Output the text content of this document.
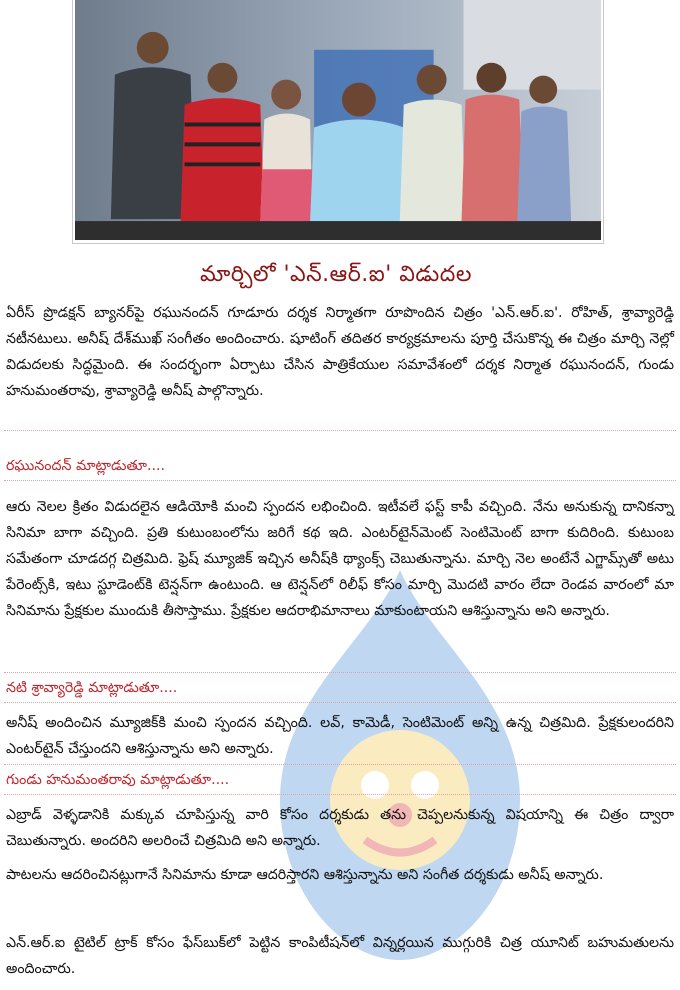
మార్చిలో 'ఎన్.ఆర్.ఐ' విడుదల
ఏరీస్ ప్రొడక్షన్ బ్యానర్‌పై రఘునందన్ గూడూరు దర్శక నిర్మాతగా రూపొందిన చిత్రం 'ఎన్.ఆర్.ఐ'. రోహిత్, శ్రావ్యారెడ్డి నటీనటులు. అనీష్ దేశ్‌ముఖ్ సంగీతం అందించారు. షూటింగ్ తదితర కార్యక్రమాలను పూర్తి చేసుకొన్న ఈ చిత్రం మార్చి నెల్లో విడుదలకు సిద్ధమైంది. ఈ సందర్భంగా ఏర్పాటు చేసిన పాత్రికేయుల సమావేశంలో దర్శక నిర్మాత రఘునందన్, గుండు హనుమంతరావు, శ్రావ్యారెడ్డి అనీష్ పాల్గొన్నారు.
రఘునందన్ మాట్లాడుతూ....
ఆరు నెలల క్రితం విడుదలైన ఆడియోకి మంచి స్పందన లభించింది. ఇటీవలే ఫస్ట్ కాపీ వచ్చింది. నేను అనుకున్న దానికన్నా సినిమా బాగా వచ్చింది. ప్రతి కుటుంబంలోను జరిగే కథ ఇది. ఎంటర్‌టైన్‌మెంట్ సెంటిమెంట్ బాగా కుదిరింది. కుటుంబ సమేతంగా చూడదగ్గ చిత్రమిది. ఫ్రెష్ మ్యూజిక్ ఇచ్చిన అనీష్‌కి థ్యాంక్స్ చెబుతున్నాను. మార్చి నెల అంటేనే ఎగ్జామ్స్‌తో అటు పేరెంట్స్‌కి, ఇటు స్టూడెంట్‌కి టెన్షన్‌గా ఉంటుంది. ఆ టెన్షన్‌లో రిలీఫ్ కోసం మార్చి మొదటి వారం లేదా రెండవ వారంలో మా సినిమాను ప్రేక్షకుల ముందుకి తీసొస్తాము. ప్రేక్షకుల ఆదరాభిమానాలు మాకుంటాయని ఆశిస్తున్నాను అని అన్నారు.
నటి శ్రావ్యారెడ్డి మాట్లాడుతూ....
అనీష్ అందించిన మ్యూజిక్‌కి మంచి స్పందన వచ్చింది. లవ్, కామెడీ, సెంటిమెంట్ అన్ని ఉన్న చిత్రమిది. ప్రేక్షకులందరిని ఎంటర్‌టైన్ చేస్తుందని ఆశిస్తున్నాను అని అన్నారు.
గుండు హనుమంతరావు మాట్లాడుతూ....
ఎబ్రాడ్ వెళ్ళడానికి మక్కువ చూపిస్తున్న వారి కోసం దర్శకుడు తను చెప్పలనుకున్న విషయాన్ని ఈ చిత్రం ద్వారా చెబుతున్నారు. అందరిని అలరించే చిత్రమిది అని అన్నారు.
పాటలను ఆదరించినట్లుగానే సినిమాను కూడా ఆదరిస్తారని ఆశిస్తున్నాను అని సంగీత దర్శకుడు అనీష్ అన్నారు.
ఎన్.ఆర్.ఐ టైటిల్ ట్రాక్ కోసం ఫేస్‌బుక్‌లో పెట్టిన కాంపిటీషన్‌లో విన్నర్లయిన ముగ్గురికి చిత్ర యూనిట్ బహుమతులను అందించారు.
